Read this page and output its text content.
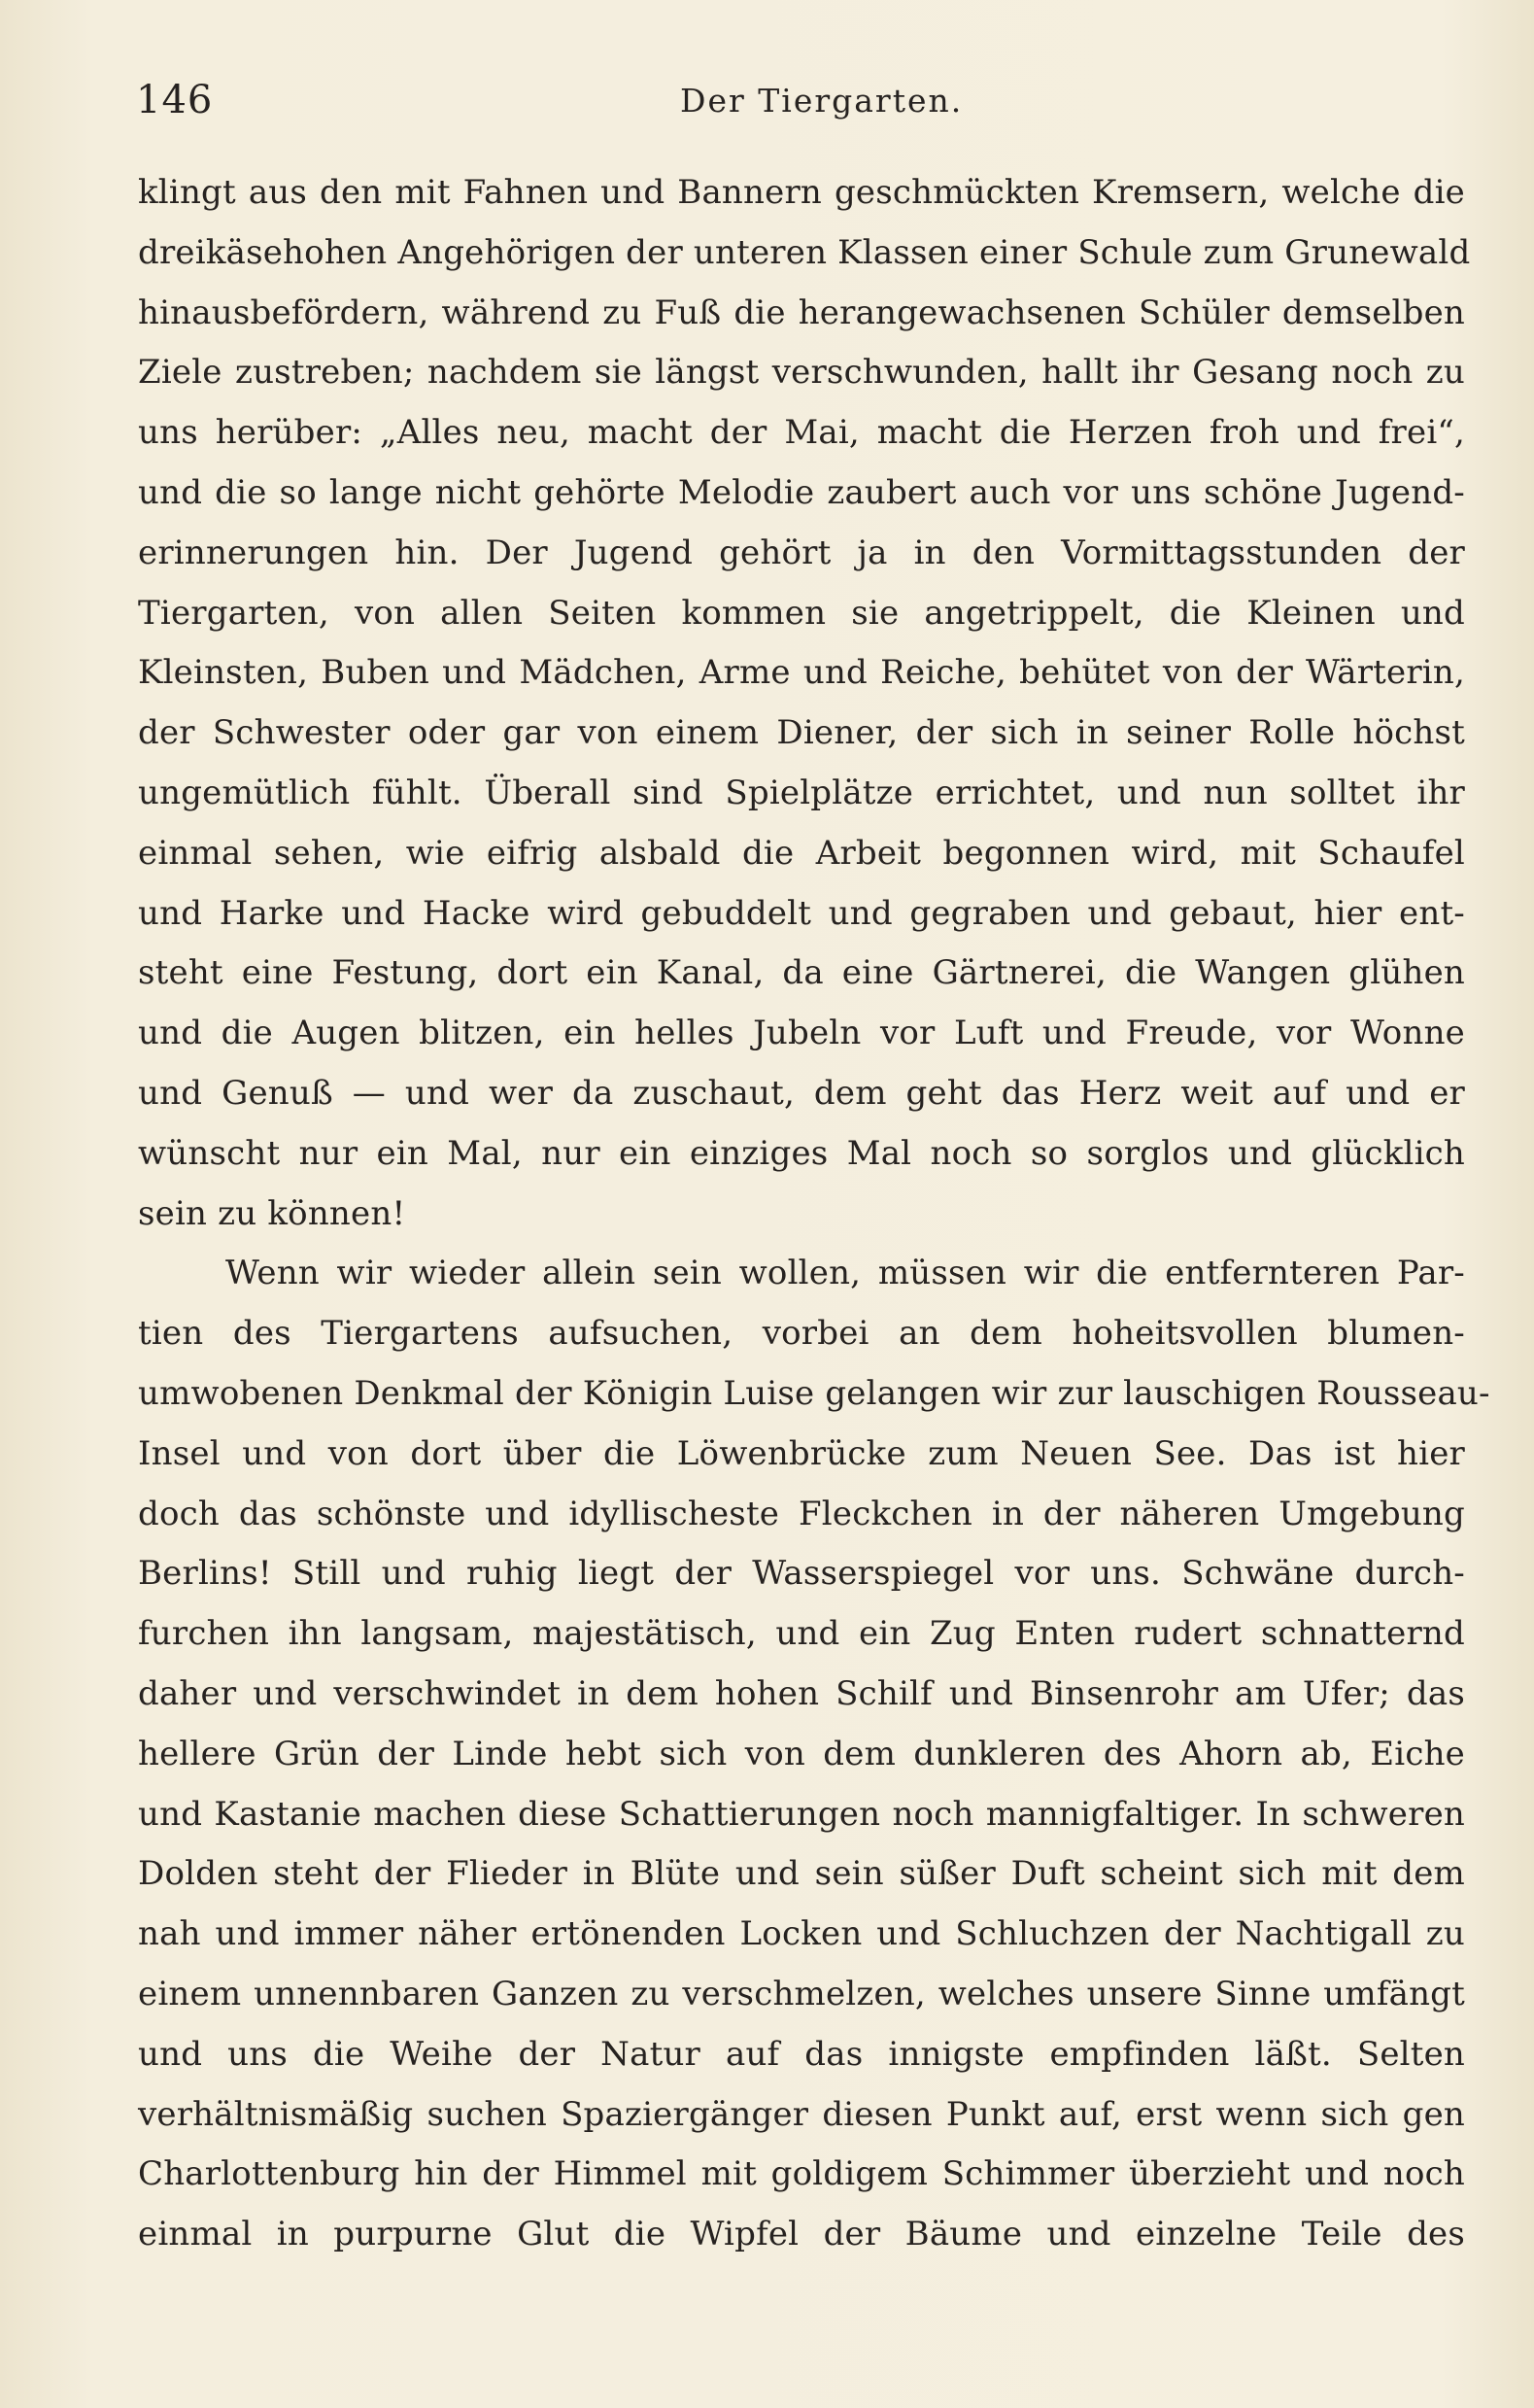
146	Der Tiergarten.
klingt aus den mit Fahnen und Bannern geschmückten Kremsern, welche die
dreikäsehohen Angehörigen der unteren Klassen einer Schule zum Grunewald
hinausbefördern, während zu Fuß die herangewachsenen Schüler demselben
Ziele zustreben; nachdem sie längst verschwunden, hallt ihr Gesang noch zu
uns herüber: „Alles neu, macht der Mai, macht die Herzen froh und frei“,
und die so lange nicht gehörte Melodie zaubert auch vor uns schöne Jugend-
erinnerungen hin. Der Jugend gehört ja in den Vormittagsstunden der
Tiergarten, von allen Seiten kommen sie angetrippelt, die Kleinen und
Kleinsten, Buben und Mädchen, Arme und Reiche, behütet von der Wärterin,
der Schwester oder gar von einem Diener, der sich in seiner Rolle höchst
ungemütlich fühlt. Überall sind Spielplätze errichtet, und nun solltet ihr
einmal sehen, wie eifrig alsbald die Arbeit begonnen wird, mit Schaufel
und Harke und Hacke wird gebuddelt und gegraben und gebaut, hier ent-
steht eine Festung, dort ein Kanal, da eine Gärtnerei, die Wangen glühen
und die Augen blitzen, ein helles Jubeln vor Luft und Freude, vor Wonne
und Genuß — und wer da zuschaut, dem geht das Herz weit auf und er
wünscht nur ein Mal, nur ein einziges Mal noch so sorglos und glücklich
sein zu können!
Wenn wir wieder allein sein wollen, müssen wir die entfernteren Par-
tien des Tiergartens aufsuchen, vorbei an dem hoheitsvollen blumen-
umwobenen Denkmal der Königin Luise gelangen wir zur lauschigen Rousseau-
Insel und von dort über die Löwenbrücke zum Neuen See. Das ist hier
doch das schönste und idyllischeste Fleckchen in der näheren Umgebung
Berlins! Still und ruhig liegt der Wasserspiegel vor uns. Schwäne durch-
furchen ihn langsam, majestätisch, und ein Zug Enten rudert schnatternd
daher und verschwindet in dem hohen Schilf und Binsenrohr am Ufer; das
hellere Grün der Linde hebt sich von dem dunkleren des Ahorn ab, Eiche
und Kastanie machen diese Schattierungen noch mannigfaltiger. In schweren
Dolden steht der Flieder in Blüte und sein süßer Duft scheint sich mit dem
nah und immer näher ertönenden Locken und Schluchzen der Nachtigall zu
einem unnennbaren Ganzen zu verschmelzen, welches unsere Sinne umfängt
und uns die Weihe der Natur auf das innigste empfinden läßt. Selten
verhältnismäßig suchen Spaziergänger diesen Punkt auf, erst wenn sich gen
Charlottenburg hin der Himmel mit goldigem Schimmer überzieht und noch
einmal in purpurne Glut die Wipfel der Bäume und einzelne Teile des
